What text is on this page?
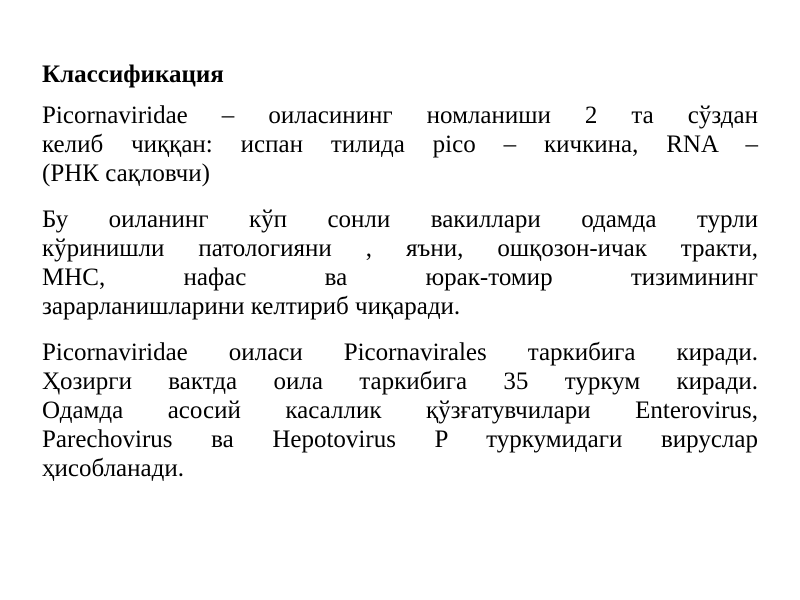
Классификация
Picornaviridae – оиласининг номланиши 2 та сўздан
келиб чиққан: испан тилида pico – кичкина, RNA –
(РНК сақловчи)
Бу оиланинг кўп сонли вакиллари одамда турли
кўринишли патологияни , яъни, ошқозон-ичак тракти,
МНС, нафас ва юрак-томир тизимининг
зарарланишларини келтириб чиқаради.
Picornaviridae оиласи Picornavirales таркибига киради.
Ҳозирги вактда оила таркибига 35 туркум киради.
Одамда асосий касаллик қўзғатувчилари Enterovirus,
Parechovirus ва Hepotovirus P туркумидаги вируслар
ҳисобланади.
